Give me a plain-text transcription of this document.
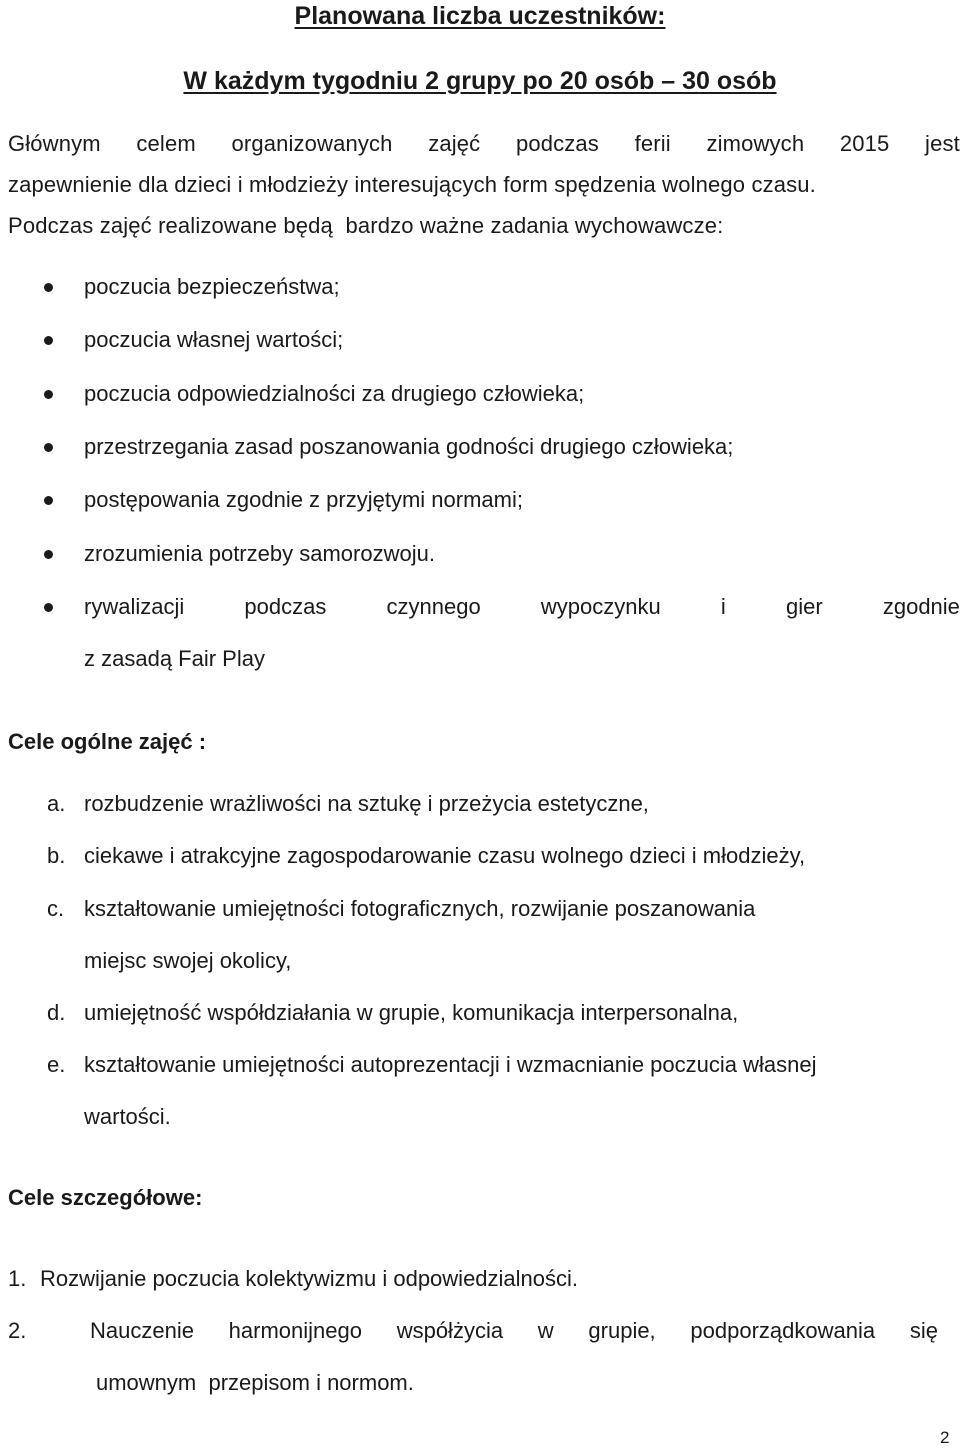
Planowana liczba uczestników:
W każdym tygodniu 2 grupy po 20 osób – 30 osób
Głównym celem organizowanych zajęć podczas ferii zimowych 2015 jest
zapewnienie dla dzieci i młodzieży interesujących form spędzenia wolnego czasu.
Podczas zajęć realizowane będą  bardzo ważne zadania wychowawcze:
poczucia bezpieczeństwa;
poczucia własnej wartości;
poczucia odpowiedzialności za drugiego człowieka;
przestrzegania zasad poszanowania godności drugiego człowieka;
postępowania zgodnie z przyjętymi normami;
zrozumienia potrzeby samorozwoju.
rywalizacji	podczas	czynnego	wypoczynku	i	gier	zgodnie
z zasadą Fair Play
Cele ogólne zajęć :
a. rozbudzenie wrażliwości na sztukę i przeżycia estetyczne,
b. ciekawe i atrakcyjne zagospodarowanie czasu wolnego dzieci i młodzieży,
c. kształtowanie umiejętności fotograficznych, rozwijanie poszanowania
miejsc swojej okolicy,
d. umiejętność współdziałania w grupie, komunikacja interpersonalna,
e. kształtowanie umiejętności autoprezentacji i wzmacnianie poczucia własnej
wartości.
Cele szczegółowe:
1. Rozwijanie poczucia kolektywizmu i odpowiedzialności.
2.	Nauczenie harmonijnego współżycia w grupie, podporządkowania się
umownym  przepisom i normom.
2
